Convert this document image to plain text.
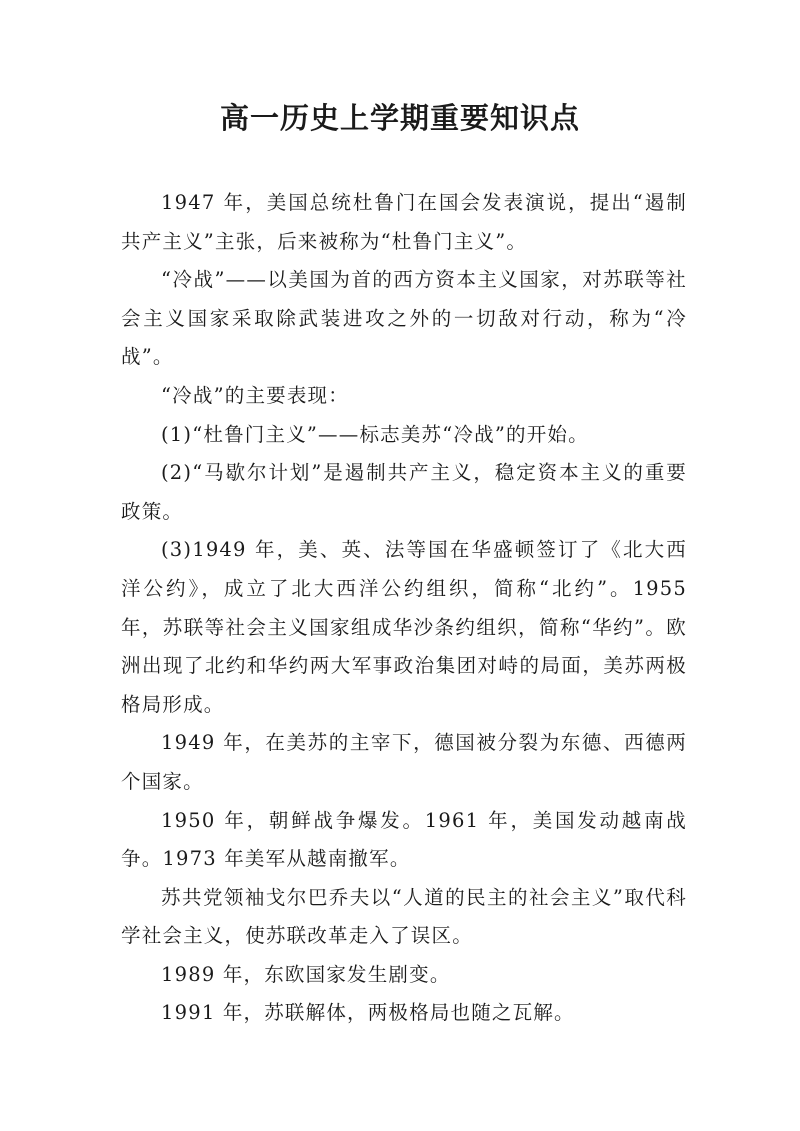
高一历史上学期重要知识点

1947 年，美国总统杜鲁门在国会发表演说，提出“遏制共产主义”主张，后来被称为“杜鲁门主义”。

“冷战”——以美国为首的西方资本主义国家，对苏联等社会主义国家采取除武装进攻之外的一切敌对行动，称为“冷战”。

“冷战”的主要表现：

(1)“杜鲁门主义”——标志美苏“冷战”的开始。

(2)“马歇尔计划”是遏制共产主义，稳定资本主义的重要政策。

(3)1949 年，美、英、法等国在华盛顿签订了《北大西洋公约》，成立了北大西洋公约组织，简称“北约”。1955 年，苏联等社会主义国家组成华沙条约组织，简称“华约”。欧洲出现了北约和华约两大军事政治集团对峙的局面，美苏两极格局形成。

1949 年，在美苏的主宰下，德国被分裂为东德、西德两个国家。

1950 年，朝鲜战争爆发。1961 年，美国发动越南战争。1973 年美军从越南撤军。

苏共党领袖戈尔巴乔夫以“人道的民主的社会主义”取代科学社会主义，使苏联改革走入了误区。

1989 年，东欧国家发生剧变。

1991 年，苏联解体，两极格局也随之瓦解。
